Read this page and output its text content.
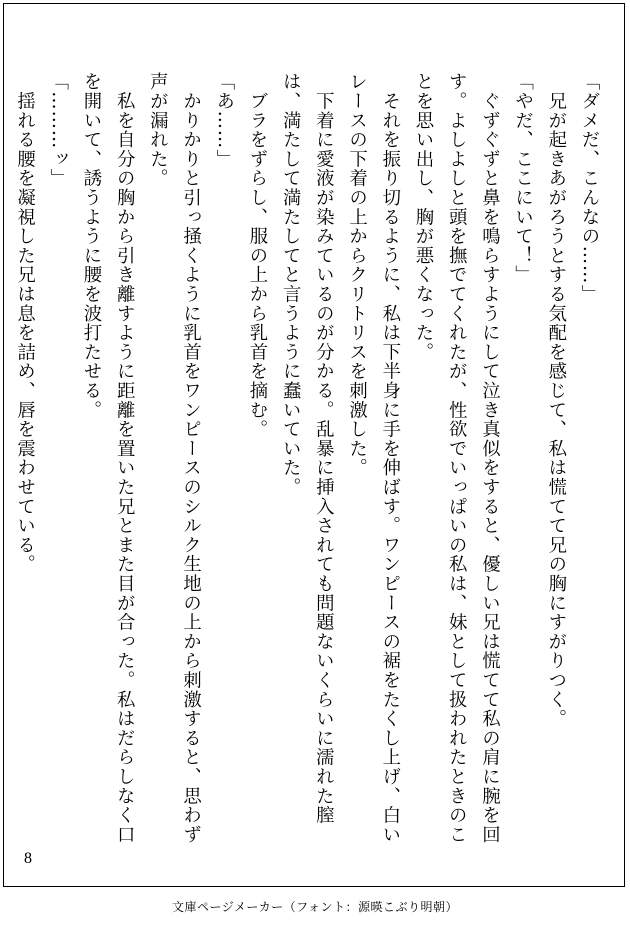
「ダメだ、こんなの……」

　兄が起きあがろうとする気配を感じて、私は慌てて兄の胸にすがりつく。

「やだ、ここにいて！」

　ぐずぐずと鼻を鳴らすようにして泣き真似をすると、優しい兄は慌てて私の肩に腕を回す。よしよしと頭を撫でてくれたが、性欲でいっぱいの私は、妹として扱われたときのことを思い出し、胸が悪くなった。

　それを振り切るように、私は下半身に手を伸ばす。ワンピースの裾をたくし上げ、白いレースの下着の上からクリトリスを刺激した。

　下着に愛液が染みているのが分かる。乱暴に挿入されても問題ないくらいに濡れた膣は、満たして満たしてと言うように蠢いていた。

　ブラをずらし、服の上から乳首を摘む。

「あ……」

　かりかりと引っ掻くように乳首をワンピースのシルク生地の上から刺激すると、思わず声が漏れた。

　私を自分の胸から引き離すように距離を置いた兄とまた目が合った。私はだらしなく口を開いて、誘うように腰を波打たせる。

「………ッ」

　揺れる腰を凝視した兄は息を詰め、唇を震わせている。

8
文庫ページメーカー（フォント：源暎こぶり明朝）
